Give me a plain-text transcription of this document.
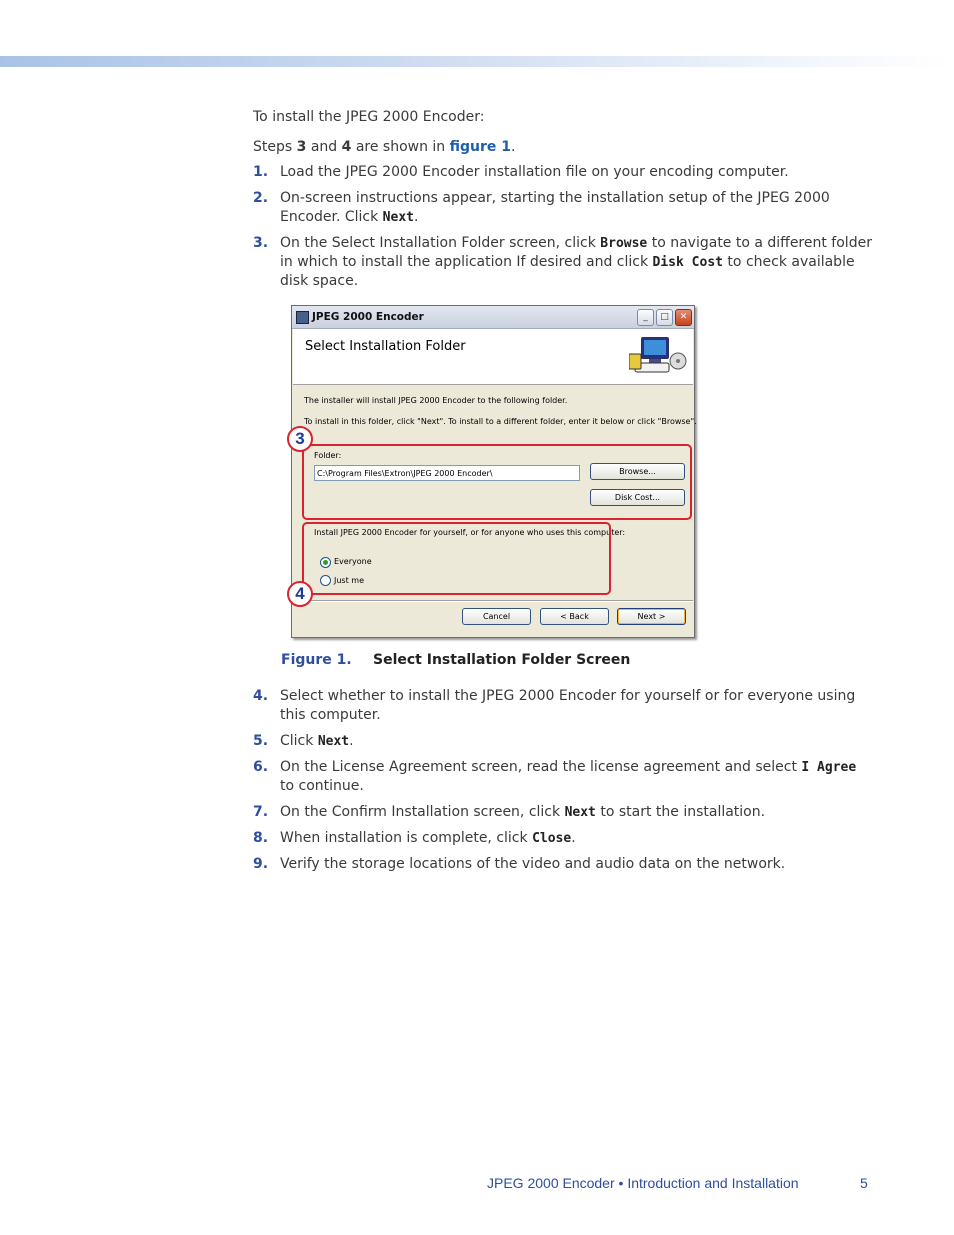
To install the JPEG 2000 Encoder:

Steps 3 and 4 are shown in figure 1.

1. Load the JPEG 2000 Encoder installation file on your encoding computer.
2. On-screen instructions appear, starting the installation setup of the JPEG 2000 Encoder. Click Next.
3. On the Select Installation Folder screen, click Browse to navigate to a different folder in which to install the application If desired and click Disk Cost to check available disk space.
JPEG 2000 Encoder	_	□	✕
Select Installation Folder
The installer will install JPEG 2000 Encoder to the following folder.
To install in this folder, click "Next". To install to a different folder, enter it below or click "Browse".
Folder:
C:\Program Files\Extron\JPEG 2000 Encoder\	Browse...
Disk Cost...
Install JPEG 2000 Encoder for yourself, or for anyone who uses this computer:
Everyone
Just me
Cancel	< Back	Next >
3
4
Figure 1. Select Installation Folder Screen
4. Select whether to install the JPEG 2000 Encoder for yourself or for everyone using this computer.
5. Click Next.
6. On the License Agreement screen, read the license agreement and select I Agree to continue.
7. On the Confirm Installation screen, click Next to start the installation.
8. When installation is complete, click Close.
9. Verify the storage locations of the video and audio data on the network.
JPEG 2000 Encoder • Introduction and Installation	5
